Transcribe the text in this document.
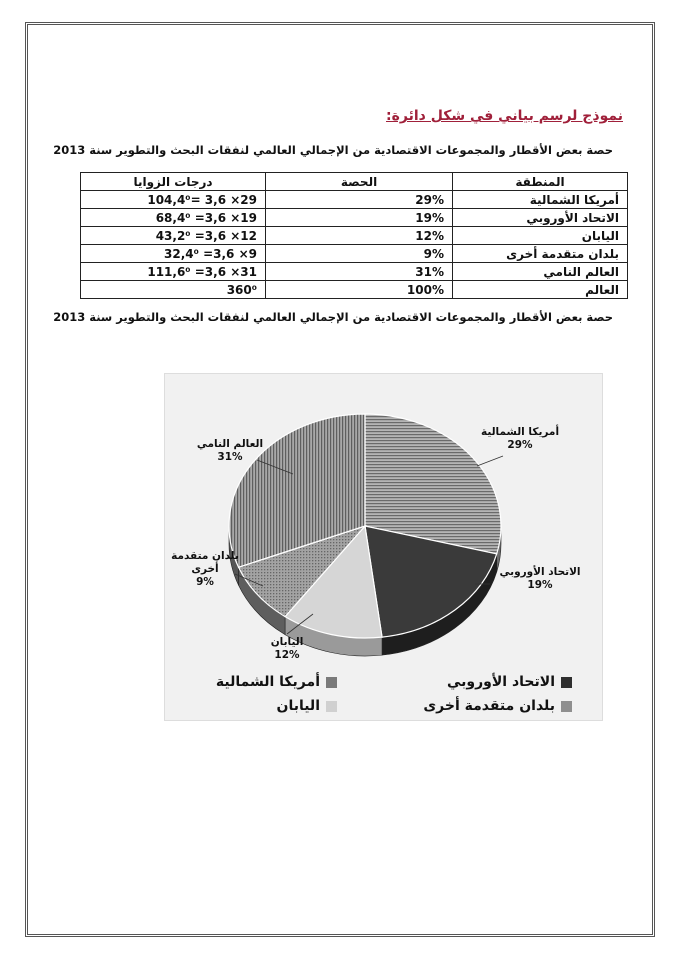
نموذج لرسم بياني في شكل دائرة:
حصة بعض الأقطار والمجموعات الاقتصادية من الإجمالي العالمي لنفقات البحث والتطوير سنة 2013
المنطقة	الحصة	درجات الزوايا
أمريكا الشمالية	29%	29× 3,6 =104,4⁰
الاتحاد الأوروبي	19%	19× 3,6= 68,4⁰
اليابان	12%	12× 3,6= 43,2⁰
بلدان متقدمة أخرى	9%	9× 3,6= 32,4⁰
العالم النامي	31%	31× 3,6= 111,6⁰
العالم	100%	360⁰
حصة بعض الأقطار والمجموعات الاقتصادية من الإجمالي العالمي لنفقات البحث والتطوير سنة 2013
أمريكا الشمالية
29%
الاتحاد الأوروبي
19%
اليابان
12%
بلدان متقدمة
أخرى
9%
العالم النامي
31%
أمريكا الشمالية	الاتحاد الأوروبي
اليابان	بلدان متقدمة أخرى
